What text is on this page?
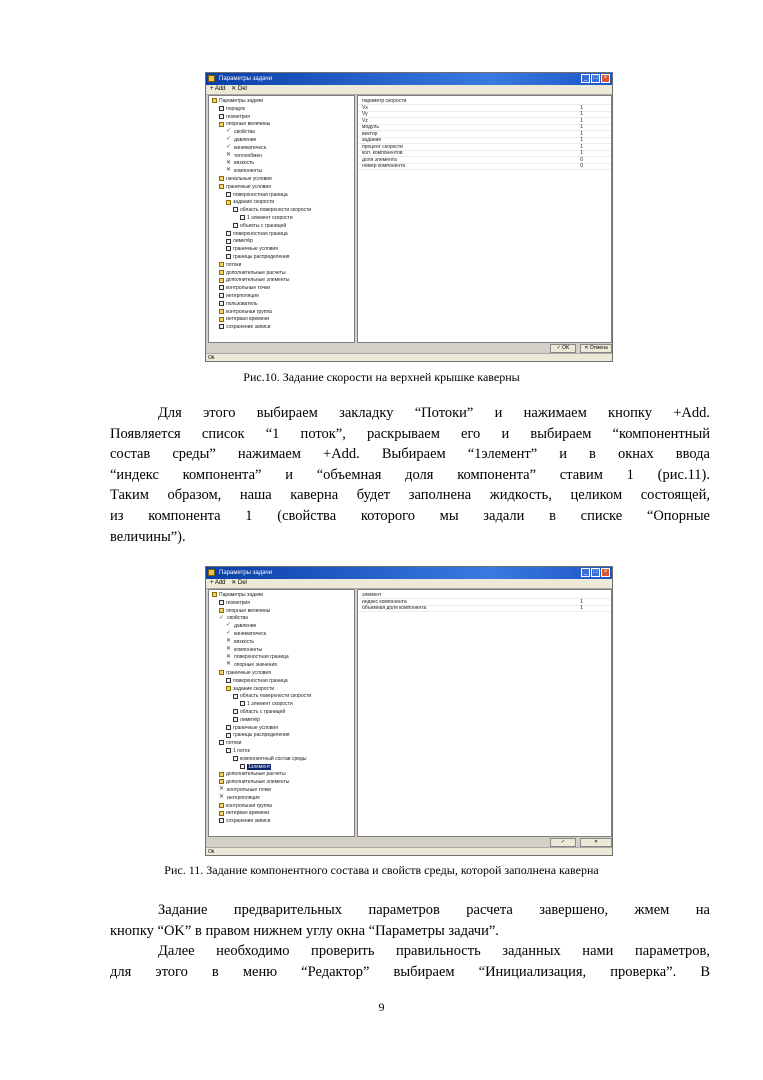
Параметры задачи	_	□	×
+ Add ✕ Del
Параметры задачи
порядок
геометрия
опорные величины
✓ свойства
✓ давление
✓ кинематическ.
✕ теплообмен
✕ вязкость
✕ компоненты
начальные условия
граничные условия
поверхностная граница
задание скорости
область поверхности скорости
1 элемент скорости
объекты с границей
поверхностная граница
лимитёр
граничные условия
границы распределения
потоки
дополнительные расчеты
дополнительные элементы
контрольные точки
интерполяция
пользователь
контрольная группа
интервал времени
сохранение записи
параметр скорости
Vx	1
Vy	1
Vz	1
модуль	1
вектор	1
задание	1
процент скорости	1
кол. компонентов	1
доля элемента	0
номер компонента	0
✓ OK	✕ Отмена
Ok
Рис.10. Задание скорости на верхней крышке каверны
Для этого выбираем закладку “Потоки” и нажимаем кнопку +Add.
Появляется список “1 поток”, раскрываем его и выбираем “компонентный
состав среды” нажимаем +Add. Выбираем “1элемент” и в окнах ввода
“индекс компонента” и “объемная доля компонента” ставим 1 (рис.11).
Таким образом, наша каверна будет заполнена жидкость, целиком состоящей,
из компонента 1 (свойства которого мы задали в списке “Опорные
величины”).
Параметры задачи	_	□	×
+ Add ✕ Del
Параметры задачи
геометрия
опорные величины
✓ свойства
✓ давление
✓ кинематическ.
✕ вязкость
✕ компоненты
✕ поверхностная граница
✕ опорные значения
граничные условия
поверхностная граница
задание скорости
область поверхности скорости
1 элемент скорости
область с границей
лимитёр
граничные условия
границы распределения
потоки
1 поток
компонентный состав среды
1элемент
дополнительные расчеты
дополнительные элементы
✕ контрольные точки
✕ интерполяция
контрольная группа
интервал времени
сохранение записи
элемент
индекс компонента	1
объемная доля компонента	1
✓	✕
Ok
Рис. 11. Задание компонентного состава и свойств среды, которой заполнена каверна
Задание предварительных параметров расчета завершено, жмем на
кнопку “OK” в правом нижнем углу окна “Параметры задачи”.
Далее необходимо проверить правильность заданных нами параметров,
для этого в меню “Редактор” выбираем “Инициализация, проверка”. В
9
